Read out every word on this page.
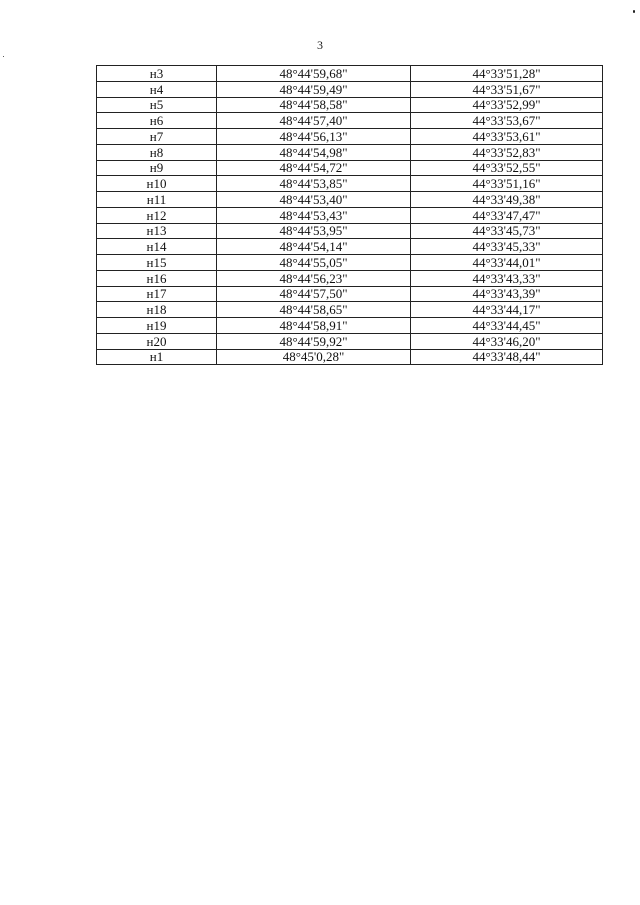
3
н3	48°44'59,68"	44°33'51,28"
н4	48°44'59,49"	44°33'51,67"
н5	48°44'58,58"	44°33'52,99"
н6	48°44'57,40"	44°33'53,67"
н7	48°44'56,13"	44°33'53,61"
н8	48°44'54,98"	44°33'52,83"
н9	48°44'54,72"	44°33'52,55"
н10	48°44'53,85"	44°33'51,16"
н11	48°44'53,40"	44°33'49,38"
н12	48°44'53,43"	44°33'47,47"
н13	48°44'53,95"	44°33'45,73"
н14	48°44'54,14"	44°33'45,33"
н15	48°44'55,05"	44°33'44,01"
н16	48°44'56,23"	44°33'43,33"
н17	48°44'57,50"	44°33'43,39"
н18	48°44'58,65"	44°33'44,17"
н19	48°44'58,91"	44°33'44,45"
н20	48°44'59,92"	44°33'46,20"
н1	48°45'0,28"	44°33'48,44"
